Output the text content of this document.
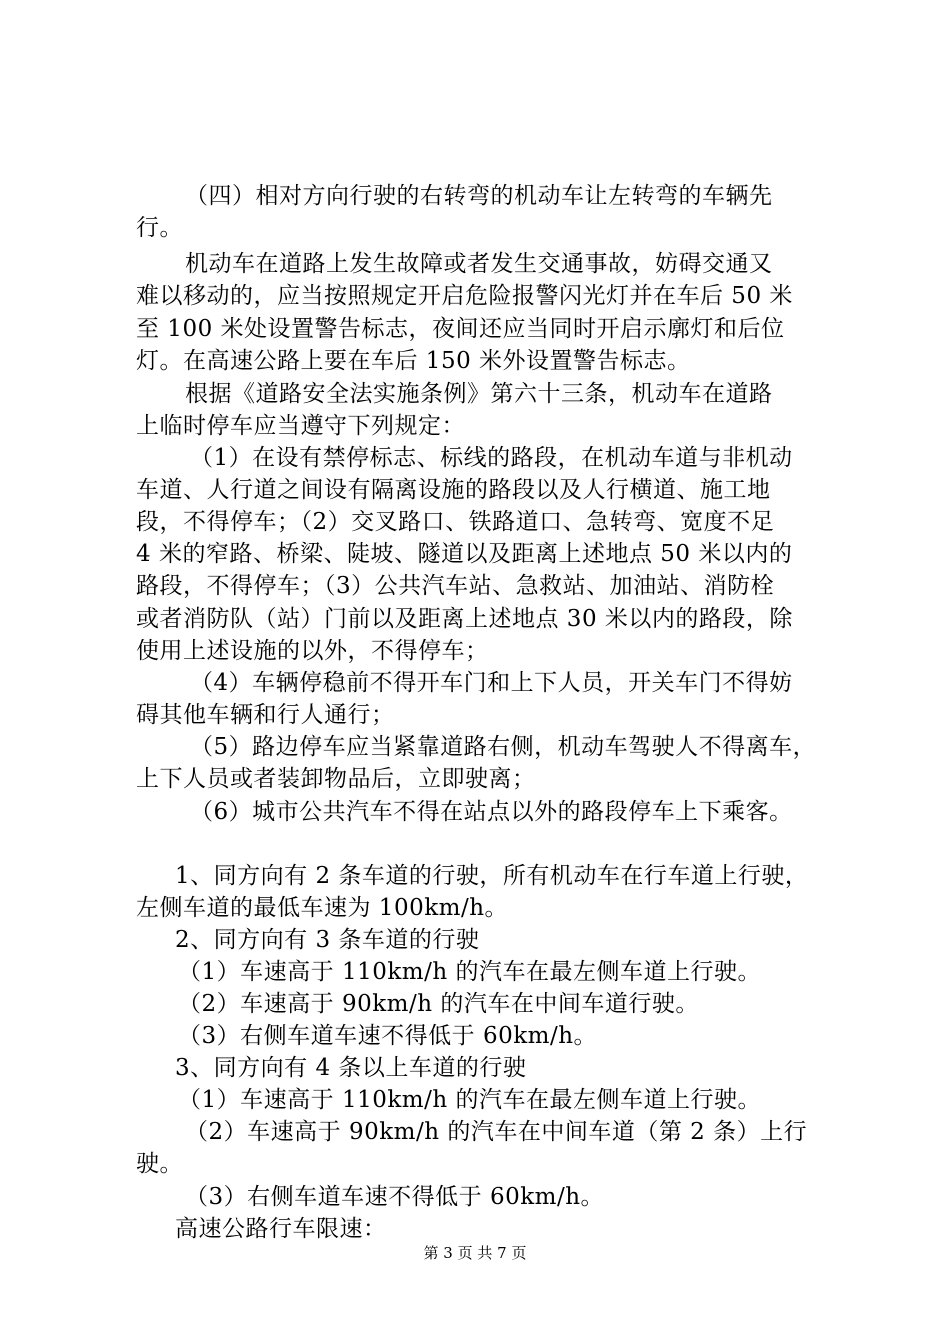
（四）相对方向行驶的右转弯的机动车让左转弯的车辆先
行。
机动车在道路上发生故障或者发生交通事故，妨碍交通又
难以移动的，应当按照规定开启危险报警闪光灯并在车后 50 米
至 100 米处设置警告标志，夜间还应当同时开启示廓灯和后位
灯。在高速公路上要在车后 150 米外设置警告标志。
根据《道路安全法实施条例》第六十三条，机动车在道路
上临时停车应当遵守下列规定：
（1）在设有禁停标志、标线的路段，在机动车道与非机动
车道、人行道之间设有隔离设施的路段以及人行横道、施工地
段，不得停车；（2）交叉路口、铁路道口、急转弯、宽度不足
4 米的窄路、桥梁、陡坡、隧道以及距离上述地点 50 米以内的
路段，不得停车；（3）公共汽车站、急救站、加油站、消防栓
或者消防队（站）门前以及距离上述地点 30 米以内的路段，除
使用上述设施的以外，不得停车；
（4）车辆停稳前不得开车门和上下人员，开关车门不得妨
碍其他车辆和行人通行；
（5）路边停车应当紧靠道路右侧，机动车驾驶人不得离车，
上下人员或者装卸物品后，立即驶离；
（6）城市公共汽车不得在站点以外的路段停车上下乘客。
1、同方向有 2 条车道的行驶，所有机动车在行车道上行驶，
左侧车道的最低车速为 100km/h。
2、同方向有 3 条车道的行驶
（1）车速高于 110km/h 的汽车在最左侧车道上行驶。
（2）车速高于 90km/h 的汽车在中间车道行驶。
（3）右侧车道车速不得低于 60km/h。
3、同方向有 4 条以上车道的行驶
（1）车速高于 110km/h 的汽车在最左侧车道上行驶。
（2）车速高于 90km/h 的汽车在中间车道（第 2 条）上行
驶。
（3）右侧车道车速不得低于 60km/h。
高速公路行车限速：
第 3 页 共 7 页
